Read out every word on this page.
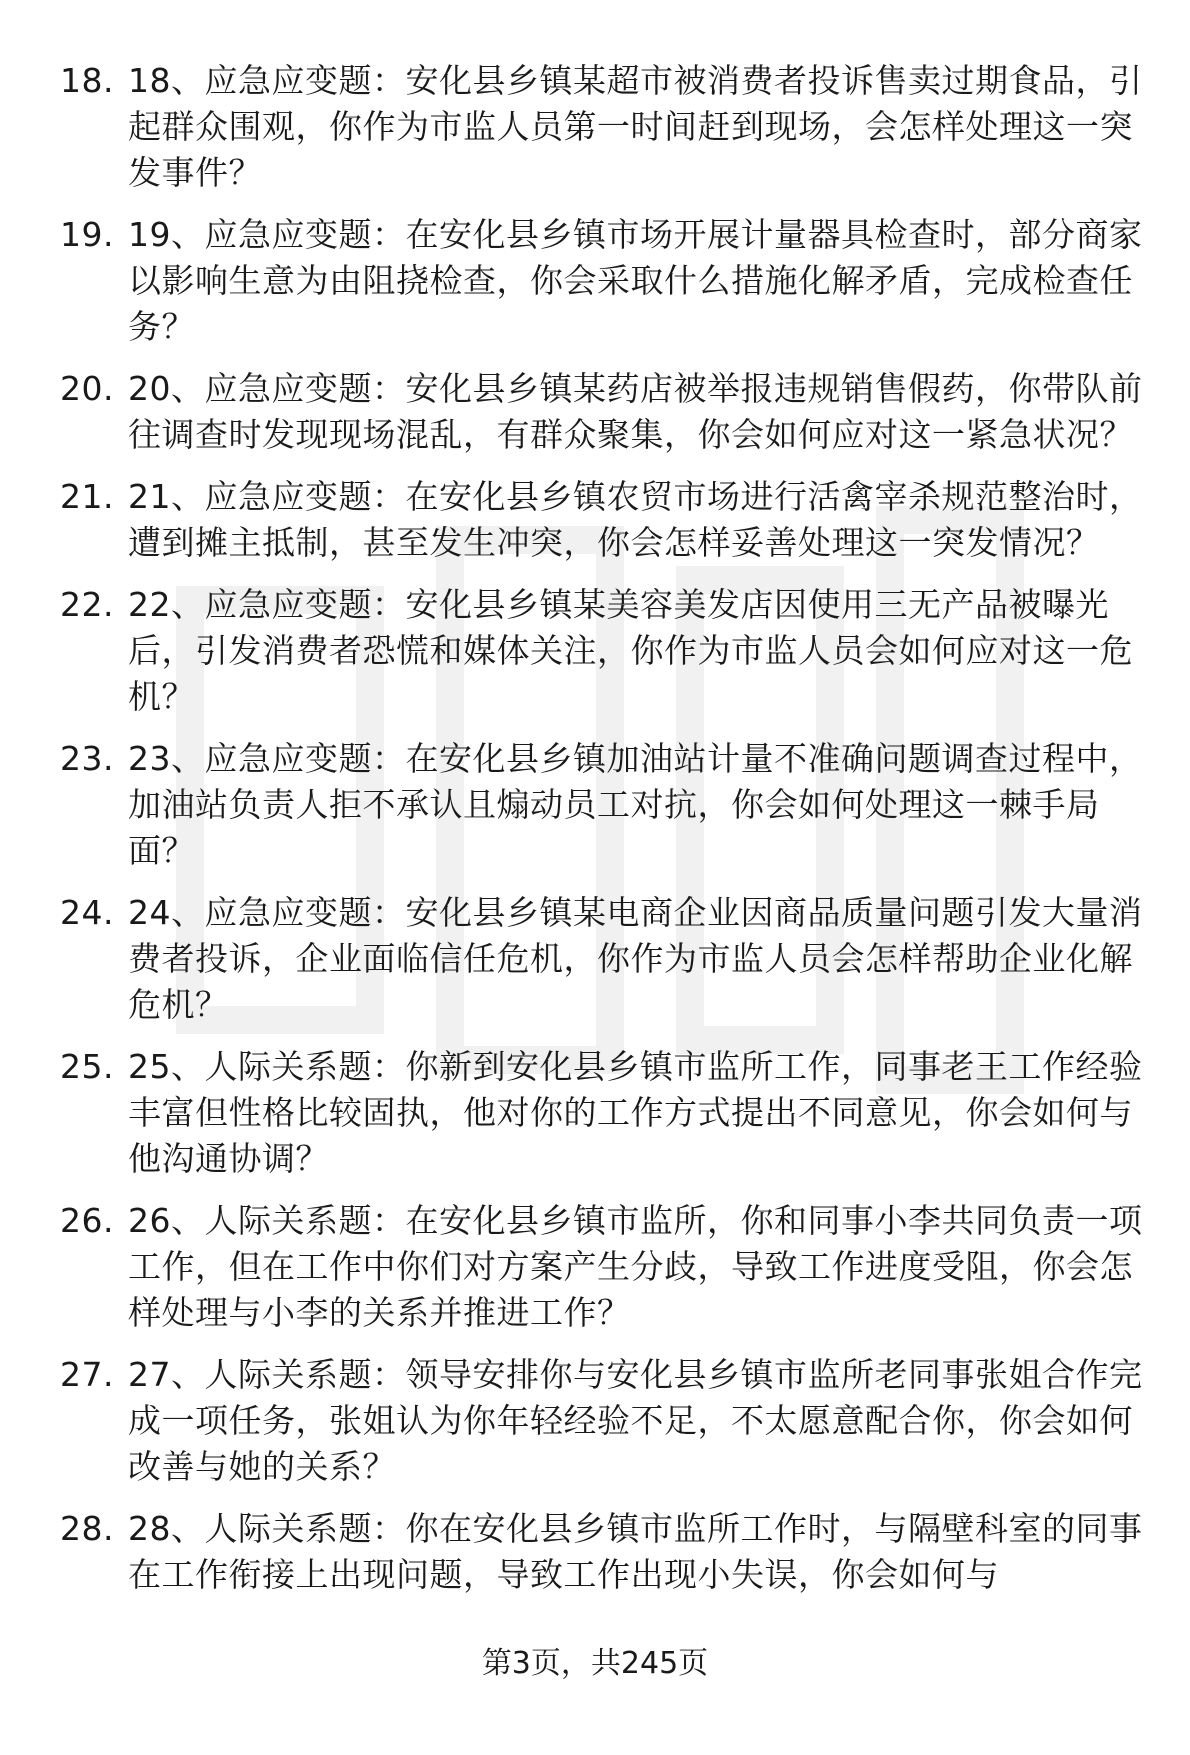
18. 18、应急应变题：安化县乡镇某超市被消费者投诉售卖过期食品，引起群众围观，你作为市监人员第一时间赶到现场，会怎样处理这一突发事件？
19. 19、应急应变题：在安化县乡镇市场开展计量器具检查时，部分商家以影响生意为由阻挠检查，你会采取什么措施化解矛盾，完成检查任务？
20. 20、应急应变题：安化县乡镇某药店被举报违规销售假药，你带队前往调查时发现现场混乱，有群众聚集，你会如何应对这一紧急状况？
21. 21、应急应变题：在安化县乡镇农贸市场进行活禽宰杀规范整治时，遭到摊主抵制，甚至发生冲突，你会怎样妥善处理这一突发情况？
22. 22、应急应变题：安化县乡镇某美容美发店因使用三无产品被曝光后，引发消费者恐慌和媒体关注，你作为市监人员会如何应对这一危机？
23. 23、应急应变题：在安化县乡镇加油站计量不准确问题调查过程中，加油站负责人拒不承认且煽动员工对抗，你会如何处理这一棘手局面？
24. 24、应急应变题：安化县乡镇某电商企业因商品质量问题引发大量消费者投诉，企业面临信任危机，你作为市监人员会怎样帮助企业化解危机？
25. 25、人际关系题：你新到安化县乡镇市监所工作，同事老王工作经验丰富但性格比较固执，他对你的工作方式提出不同意见，你会如何与他沟通协调？
26. 26、人际关系题：在安化县乡镇市监所，你和同事小李共同负责一项工作，但在工作中你们对方案产生分歧，导致工作进度受阻，你会怎样处理与小李的关系并推进工作？
27. 27、人际关系题：领导安排你与安化县乡镇市监所老同事张姐合作完成一项任务，张姐认为你年轻经验不足，不太愿意配合你，你会如何改善与她的关系？
28. 28、人际关系题：你在安化县乡镇市监所工作时，与隔壁科室的同事在工作衔接上出现问题，导致工作出现小失误，你会如何与
第3页，共245页
